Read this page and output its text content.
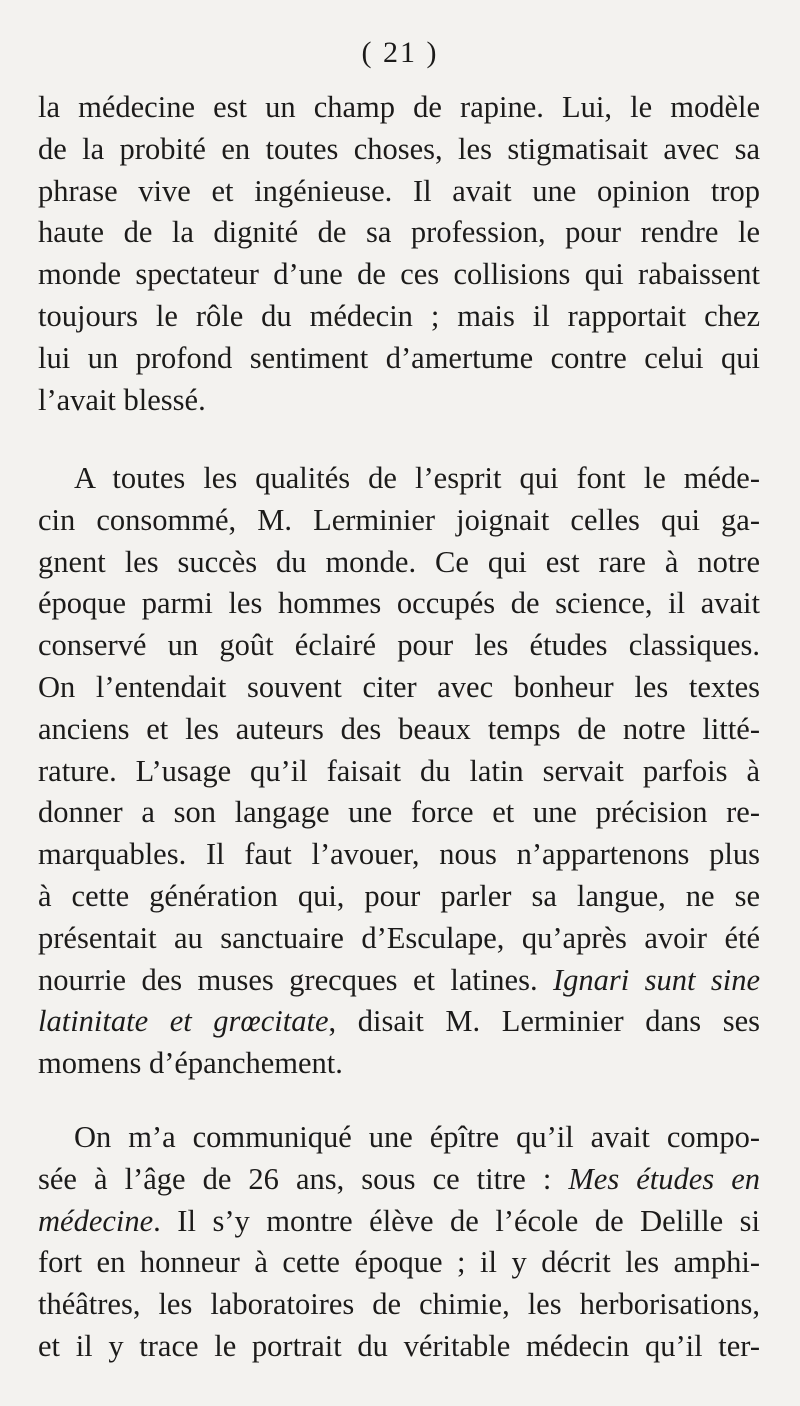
( 21 )
la médecine est un champ de rapine. Lui, le modèle
de la probité en toutes choses, les stigmatisait avec sa
phrase vive et ingénieuse. Il avait une opinion trop
haute de la dignité de sa profession, pour rendre le
monde spectateur d’une de ces collisions qui rabaissent
toujours le rôle du médecin ; mais il rapportait chez
lui un profond sentiment d’amertume contre celui qui
l’avait blessé.
A toutes les qualités de l’esprit qui font le méde-
cin consommé, M. Lerminier joignait celles qui ga-
gnent les succès du monde. Ce qui est rare à notre
époque parmi les hommes occupés de science, il avait
conservé un goût éclairé pour les études classiques.
On l’entendait souvent citer avec bonheur les textes
anciens et les auteurs des beaux temps de notre litté-
rature. L’usage qu’il faisait du latin servait parfois à
donner a son langage une force et une précision re-
marquables. Il faut l’avouer, nous n’appartenons plus
à cette génération qui, pour parler sa langue, ne se
présentait au sanctuaire d’Esculape, qu’après avoir été
nourrie des muses grecques et latines. Ignari sunt sine
latinitate et grœcitate, disait M. Lerminier dans ses
momens d’épanchement.
On m’a communiqué une épître qu’il avait compo-
sée à l’âge de 26 ans, sous ce titre : Mes études en
médecine. Il s’y montre élève de l’école de Delille si
fort en honneur à cette époque ; il y décrit les amphi-
théâtres, les laboratoires de chimie, les herborisations,
et il y trace le portrait du véritable médecin qu’il ter-
